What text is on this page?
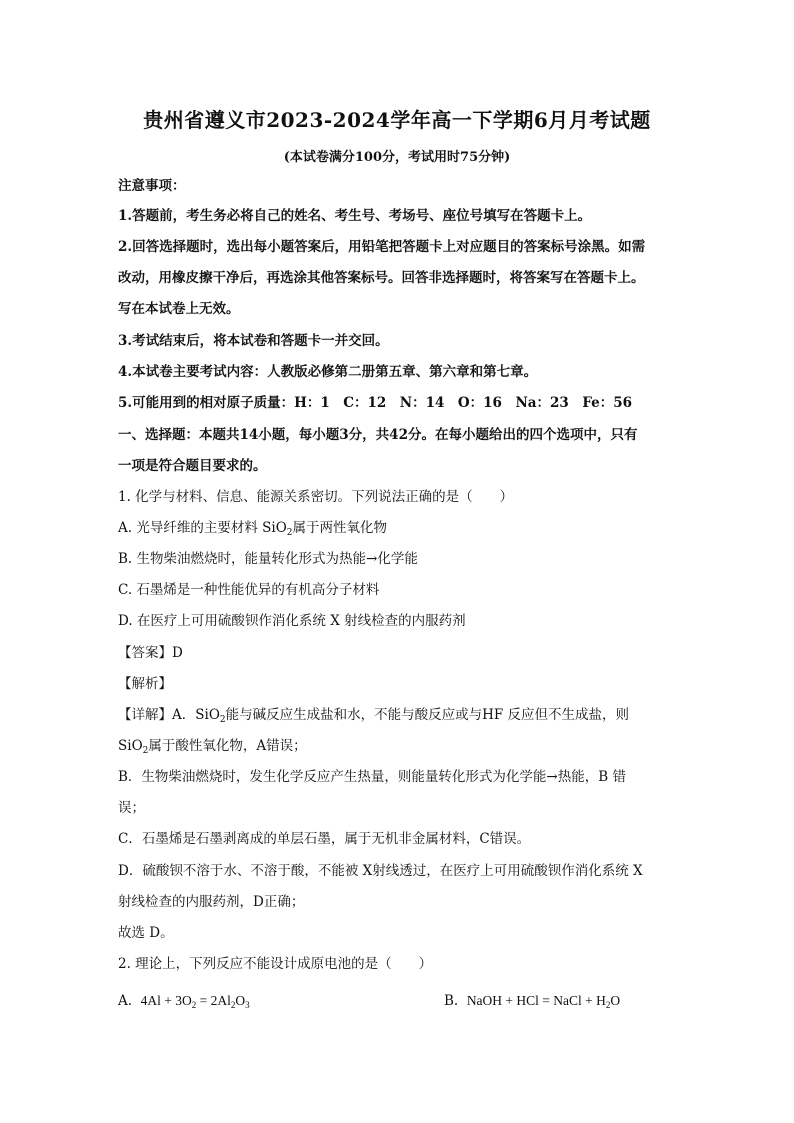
贵州省遵义市2023-2024学年高一下学期6月月考试题
(本试卷满分100分，考试用时75分钟)
注意事项：
1.答题前，考生务必将自己的姓名、考生号、考场号、座位号填写在答题卡上。
2.回答选择题时，选出每小题答案后，用铅笔把答题卡上对应题目的答案标号涂黑。如需
改动，用橡皮擦干净后，再选涂其他答案标号。回答非选择题时，将答案写在答题卡上。
写在本试卷上无效。
3.考试结束后，将本试卷和答题卡一并交回。
4.本试卷主要考试内容：人教版必修第二册第五章、第六章和第七章。
5.可能用到的相对原子质量：H：1　C：12　N：14　O：16　Na：23　Fe：56
一、选择题：本题共14小题，每小题3分，共42分。在每小题给出的四个选项中，只有
一项是符合题目要求的。
1. 化学与材料、信息、能源关系密切。下列说法正确的是（　　）
A. 光导纤维的主要材料 SiO$_2$属于两性氧化物
B. 生物柴油燃烧时，能量转化形式为热能→化学能
C. 石墨烯是一种性能优异的有机高分子材料
D. 在医疗上可用硫酸钡作消化系统 X 射线检查的内服药剂
【答案】D
【解析】
【详解】A．SiO$_2$能与碱反应生成盐和水，不能与酸反应或与HF 反应但不生成盐，则
SiO$_2$属于酸性氧化物，A错误；
B．生物柴油燃烧时，发生化学反应产生热量，则能量转化形式为化学能→热能，B 错
误；
C．石墨烯是石墨剥离成的单层石墨，属于无机非金属材料，C错误。
D．硫酸钡不溶于水、不溶于酸，不能被 X射线透过，在医疗上可用硫酸钡作消化系统 X
射线检查的内服药剂，D正确；
故选 D。
2. 理论上，下列反应不能设计成原电池的是（　　）
A. $4Al + 3O_2 = 2Al_2O_3$	B. NaOH + HCl = NaCl + $H_2O$
